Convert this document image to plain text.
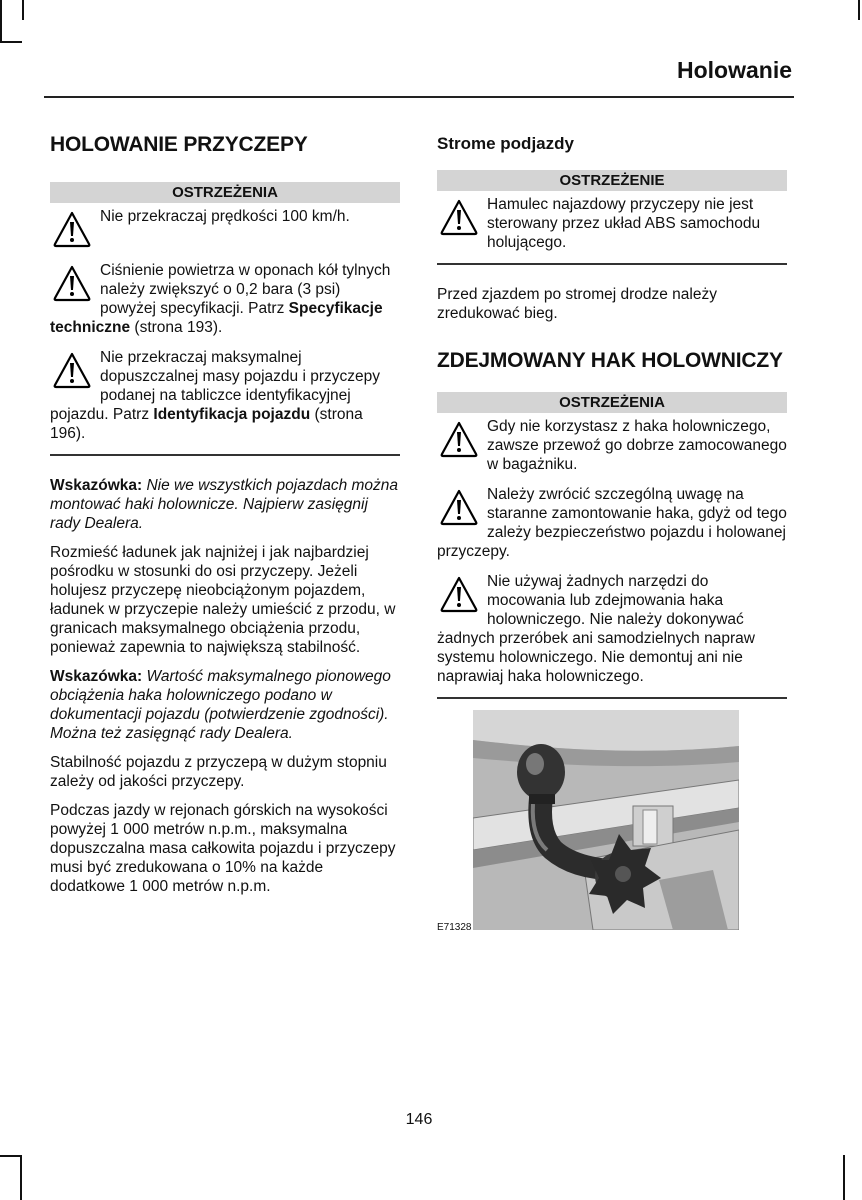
Holowanie
HOLOWANIE PRZYCZEPY
OSTRZEŻENIA
Nie przekraczaj prędkości 100 km/h.
Ciśnienie powietrza w oponach kół tylnych należy zwiększyć o 0,2 bara (3 psi) powyżej specyfikacji. Patrz Specyfikacje techniczne (strona 193).
Nie przekraczaj maksymalnej dopuszczalnej masy pojazdu i przyczepy podanej na tabliczce identyfikacyjnej pojazdu. Patrz Identyfikacja pojazdu (strona 196).

Wskazówka: Nie we wszystkich pojazdach można montować haki holownicze. Najpierw zasięgnij rady Dealera.

Rozmieść ładunek jak najniżej i jak najbardziej pośrodku w stosunki do osi przyczepy. Jeżeli holujesz przyczepę nieobciążonym pojazdem, ładunek w przyczepie należy umieścić z przodu, w granicach maksymalnego obciążenia przodu, ponieważ zapewnia to największą stabilność.

Wskazówka: Wartość maksymalnego pionowego obciążenia haka holowniczego podano w dokumentacji pojazdu (potwierdzenie zgodności). Można też zasięgnąć rady Dealera.

Stabilność pojazdu z przyczepą w dużym stopniu zależy od jakości przyczepy.

Podczas jazdy w rejonach górskich na wysokości powyżej 1 000 metrów n.p.m., maksymalna dopuszczalna masa całkowita pojazdu i przyczepy musi być zredukowana o 10% na każde dodatkowe 1 000 metrów n.p.m.

Strome podjazdy
OSTRZEŻENIE
Hamulec najazdowy przyczepy nie jest sterowany przez układ ABS samochodu holującego.

Przed zjazdem po stromej drodze należy zredukować bieg.

ZDEJMOWANY HAK HOLOWNICZY
OSTRZEŻENIA
Gdy nie korzystasz z haka holowniczego, zawsze przewoź go dobrze zamocowanego w bagażniku.
Należy zwrócić szczególną uwagę na staranne zamontowanie haka, gdyż od tego zależy bezpieczeństwo pojazdu i holowanej przyczepy.
Nie używaj żadnych narzędzi do mocowania lub zdejmowania haka holowniczego. Nie należy dokonywać żadnych przeróbek ani samodzielnych napraw systemu holowniczego. Nie demontuj ani nie naprawiaj haka holowniczego.
E71328
146
